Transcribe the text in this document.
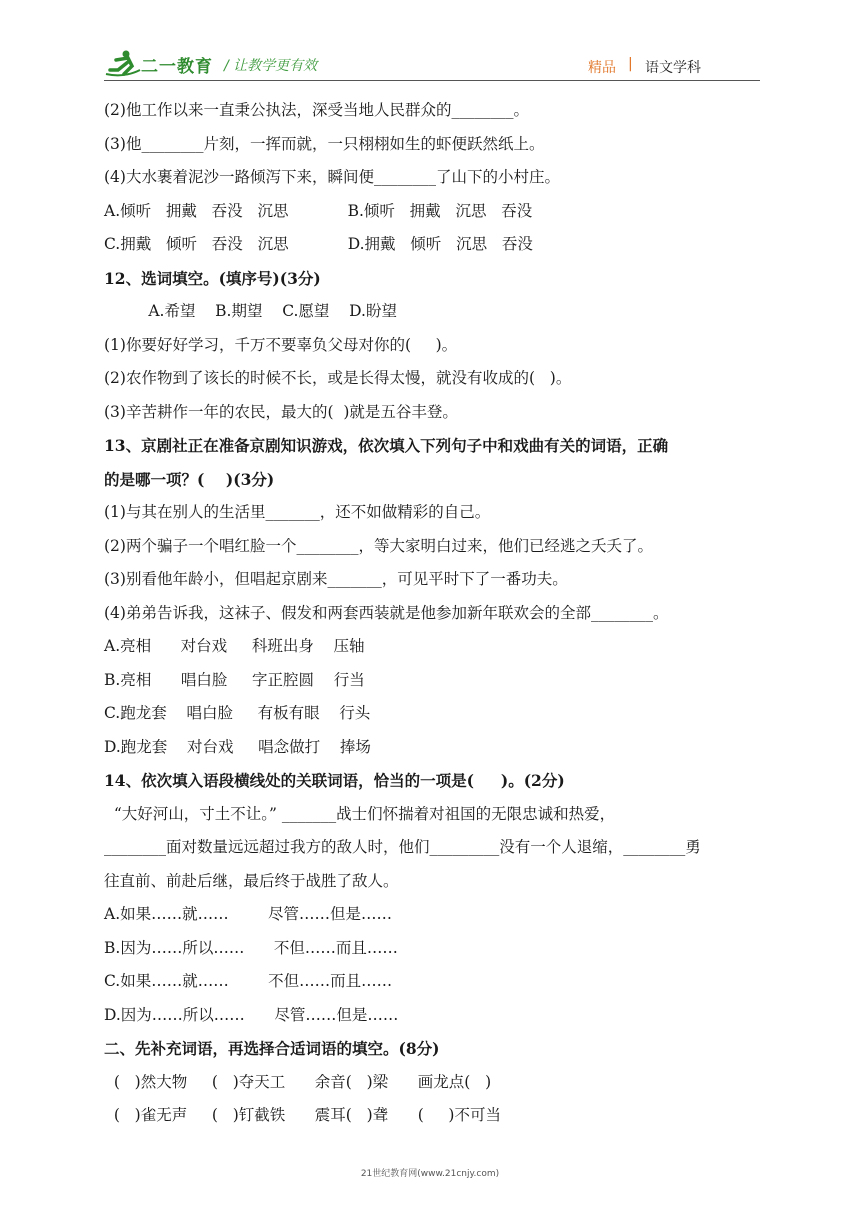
二一教育 / 让教学更有效	精品 | 语文学科
(2)他工作以来一直秉公执法，深受当地人民群众的________。
(3)他________片刻，一挥而就，一只栩栩如生的虾便跃然纸上。
(4)大水裹着泥沙一路倾泻下来，瞬间便________了山下的小村庄。
A.倾听   拥戴   吞没   沉思            B.倾听   拥戴   沉思   吞没
C.拥戴   倾听   吞没   沉思            D.拥戴   倾听   沉思   吞没
12、选词填空。(填序号)(3分)
A.希望    B.期望    C.愿望    D.盼望
(1)你要好好学习，千万不要辜负父母对你的(     )。
(2)农作物到了该长的时候不长，或是长得太慢，就没有收成的(   )。
(3)辛苦耕作一年的农民，最大的(  )就是五谷丰登。
13、京剧社正在准备京剧知识游戏，依次填入下列句子中和戏曲有关的词语，正确
的是哪一项？(    )(3分)
(1)与其在别人的生活里_______，还不如做精彩的自己。
(2)两个骗子一个唱红脸一个________，等大家明白过来，他们已经逃之夭夭了。
(3)别看他年龄小，但唱起京剧来_______，可见平时下了一番功夫。
(4)弟弟告诉我，这袜子、假发和两套西装就是他参加新年联欢会的全部________。
A.亮相      对台戏     科班出身    压轴
B.亮相      唱白脸     字正腔圆    行当
C.跑龙套    唱白脸     有板有眼    行头
D.跑龙套    对台戏     唱念做打    捧场
14、依次填入语段横线处的关联词语，恰当的一项是(     )。(2分)
“大好河山，寸土不让。” _______战士们怀揣着对祖国的无限忠诚和热爱，
________面对数量远远超过我方的敌人时，他们_________没有一个人退缩，________勇
往直前、前赴后继，最后终于战胜了敌人。
A.如果……就……        尽管……但是……
B.因为……所以……      不但……而且……
C.如果……就……        不但……而且……
D.因为……所以……      尽管……但是……
二、先补充词语，再选择合适词语的填空。(8分)
(   )然大物     (   )夺天工      余音(   )梁      画龙点(   )
(   )雀无声     (   )钉截铁      震耳(   )聋      (     )不可当
21世纪教育网(www.21cnjy.com)
